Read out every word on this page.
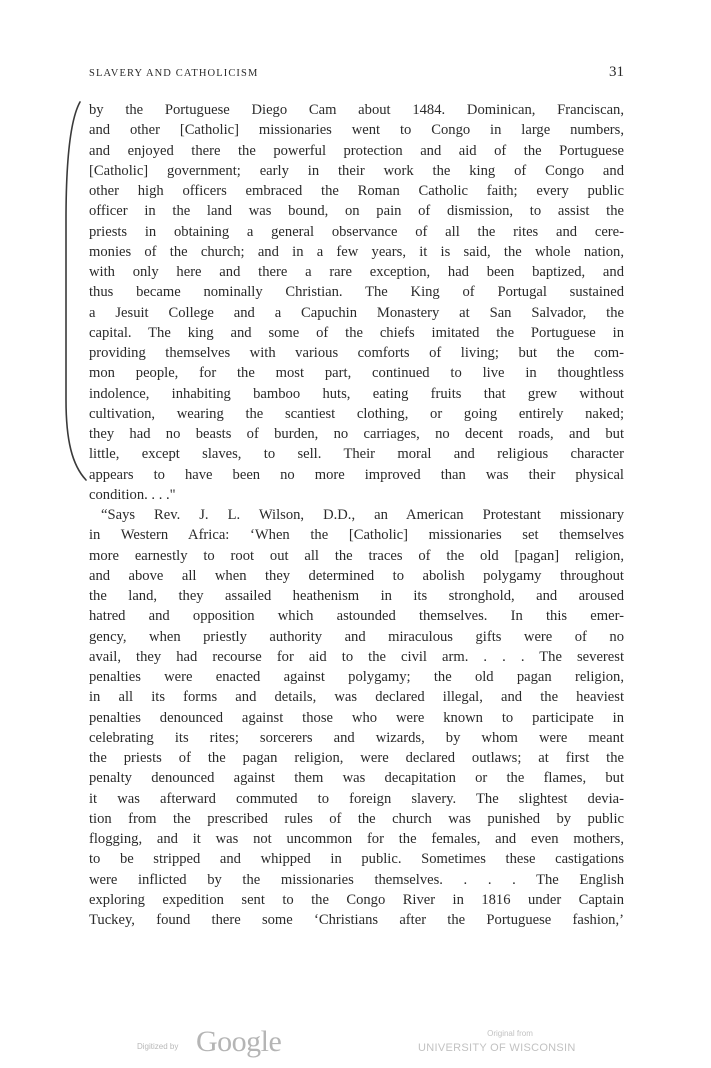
SLAVERY AND CATHOLICISM	31

by the Portuguese Diego Cam about 1484. Dominican, Franciscan,

and other [Catholic] missionaries went to Congo in large numbers,

and enjoyed there the powerful protection and aid of the Portuguese

[Catholic] government; early in their work the king of Congo and

other high officers embraced the Roman Catholic faith; every public

officer in the land was bound, on pain of dismission, to assist the

priests in obtaining a general observance of all the rites and cere-

monies of the church; and in a few years, it is said, the whole nation,

with only here and there a rare exception, had been baptized, and

thus became nominally Christian. The King of Portugal sustained

a Jesuit College and a Capuchin Monastery at San Salvador, the

capital. The king and some of the chiefs imitated the Portuguese in

providing themselves with various comforts of living; but the com-

mon people, for the most part, continued to live in thoughtless

indolence, inhabiting bamboo huts, eating fruits that grew without

cultivation, wearing the scantiest clothing, or going entirely naked;

they had no beasts of burden, no carriages, no decent roads, and but

little, except slaves, to sell. Their moral and religious character

appears to have been no more improved than was their physical

condition. . . ."

“Says Rev. J. L. Wilson, D.D., an American Protestant missionary

in Western Africa: ‘When the [Catholic] missionaries set themselves

more earnestly to root out all the traces of the old [pagan] religion,

and above all when they determined to abolish polygamy throughout

the land, they assailed heathenism in its stronghold, and aroused

hatred and opposition which astounded themselves. In this emer-

gency, when priestly authority and miraculous gifts were of no

avail, they had recourse for aid to the civil arm. . . . The severest

penalties were enacted against polygamy; the old pagan religion,

in all its forms and details, was declared illegal, and the heaviest

penalties denounced against those who were known to participate in

celebrating its rites; sorcerers and wizards, by whom were meant

the priests of the pagan religion, were declared outlaws; at first the

penalty denounced against them was decapitation or the flames, but

it was afterward commuted to foreign slavery. The slightest devia-

tion from the prescribed rules of the church was punished by public

flogging, and it was not uncommon for the females, and even mothers,

to be stripped and whipped in public. Sometimes these castigations

were inflicted by the missionaries themselves. . . . The English

exploring expedition sent to the Congo River in 1816 under Captain

Tuckey, found there some ‘Christians after the Portuguese fashion,’

Digitized by Google	Original from
UNIVERSITY OF WISCONSIN
